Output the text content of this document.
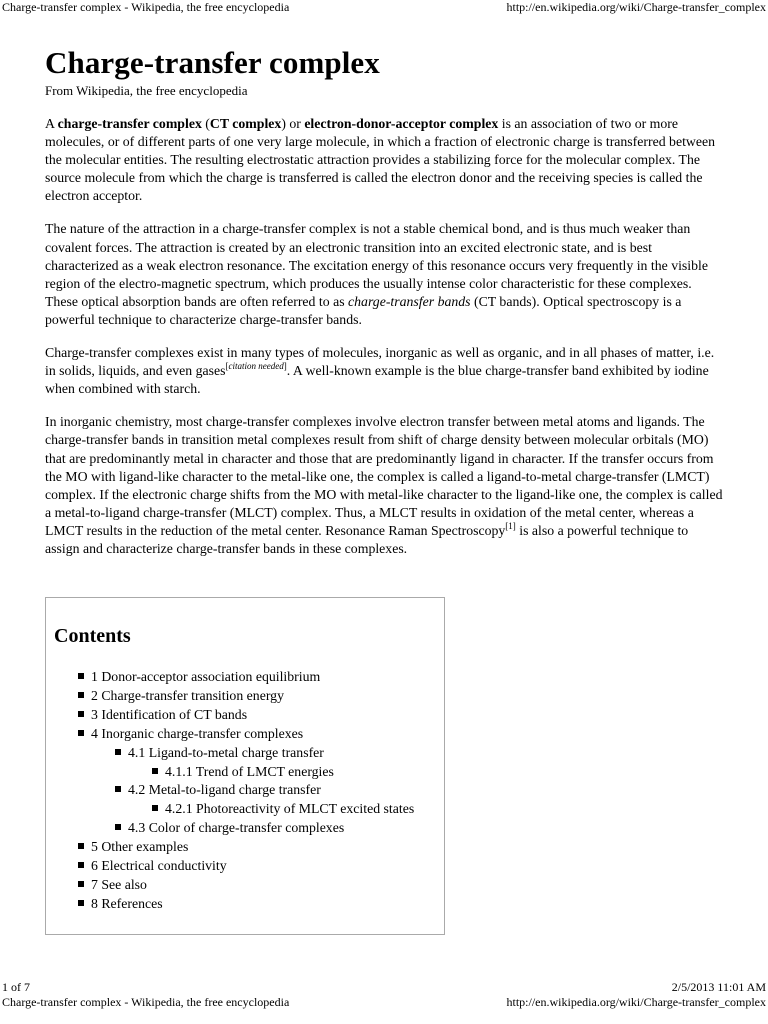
Charge-transfer complex - Wikipedia, the free encyclopedia	http://en.wikipedia.org/wiki/Charge-transfer_complex
Charge-transfer complex
From Wikipedia, the free encyclopedia

A charge-transfer complex (CT complex) or electron-donor-acceptor complex is an association of two or more molecules, or of different parts of one very large molecule, in which a fraction of electronic charge is transferred between the molecular entities. The resulting electrostatic attraction provides a stabilizing force for the molecular complex. The source molecule from which the charge is transferred is called the electron donor and the receiving species is called the electron acceptor.

The nature of the attraction in a charge-transfer complex is not a stable chemical bond, and is thus much weaker than covalent forces. The attraction is created by an electronic transition into an excited electronic state, and is best characterized as a weak electron resonance. The excitation energy of this resonance occurs very frequently in the visible region of the electro-magnetic spectrum, which produces the usually intense color characteristic for these complexes. These optical absorption bands are often referred to as charge-transfer bands (CT bands). Optical spectroscopy is a powerful technique to characterize charge-transfer bands.

Charge-transfer complexes exist in many types of molecules, inorganic as well as organic, and in all phases of matter, i.e. in solids, liquids, and even gases[citation needed]. A well-known example is the blue charge-transfer band exhibited by iodine when combined with starch.

In inorganic chemistry, most charge-transfer complexes involve electron transfer between metal atoms and ligands. The charge-transfer bands in transition metal complexes result from shift of charge density between molecular orbitals (MO) that are predominantly metal in character and those that are predominantly ligand in character. If the transfer occurs from the MO with ligand-like character to the metal-like one, the complex is called a ligand-to-metal charge-transfer (LMCT) complex. If the electronic charge shifts from the MO with metal-like character to the ligand-like one, the complex is called a metal-to-ligand charge-transfer (MLCT) complex. Thus, a MLCT results in oxidation of the metal center, whereas a LMCT results in the reduction of the metal center. Resonance Raman Spectroscopy[1] is also a powerful technique to assign and characterize charge-transfer bands in these complexes.

Contents
1 Donor-acceptor association equilibrium
2 Charge-transfer transition energy
3 Identification of CT bands
4 Inorganic charge-transfer complexes
4.1 Ligand-to-metal charge transfer
4.1.1 Trend of LMCT energies
4.2 Metal-to-ligand charge transfer
4.2.1 Photoreactivity of MLCT excited states
4.3 Color of charge-transfer complexes
5 Other examples
6 Electrical conductivity
7 See also
8 References
1 of 7	2/5/2013 11:01 AM
Charge-transfer complex - Wikipedia, the free encyclopedia	http://en.wikipedia.org/wiki/Charge-transfer_complex
